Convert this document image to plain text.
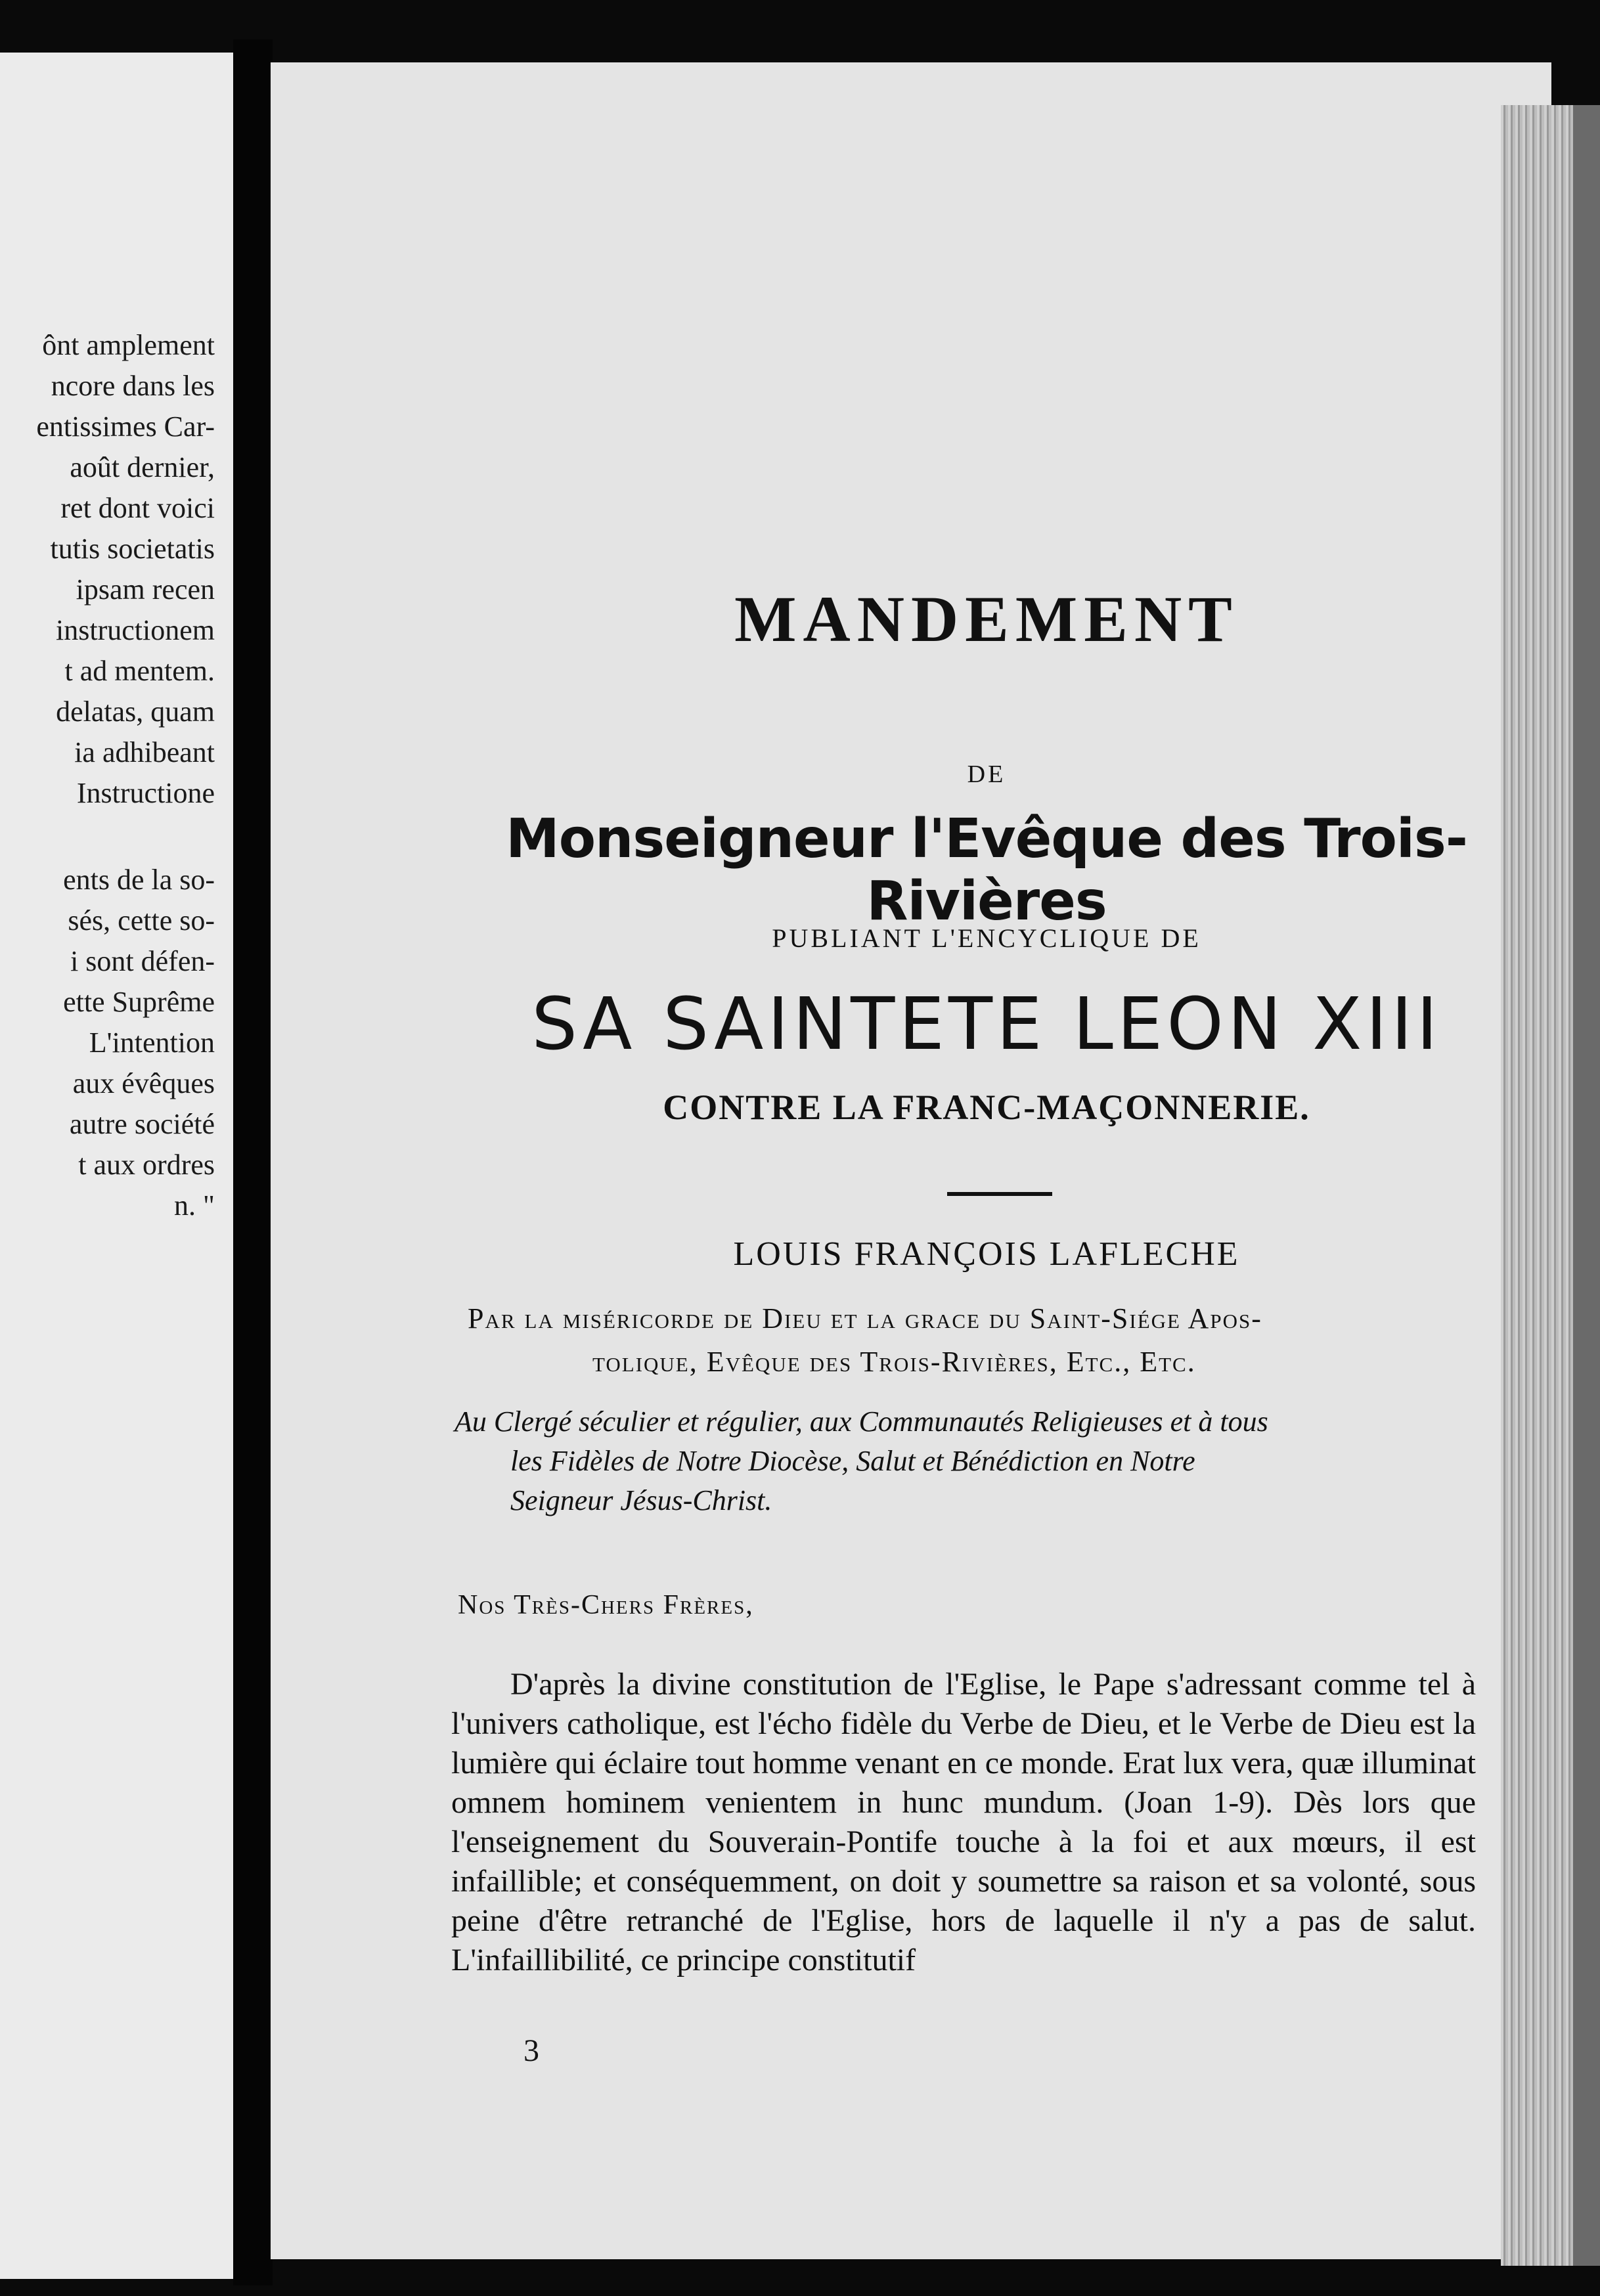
ônt amplement
ncore dans les
entissimes Car-
août dernier,
ret dont voici
tutis societatis
ipsam recen
instructionem
t ad mentem.
delatas, quam
ia adhibeant
Instructione
ents de la so-
sés, cette so-
i sont défen-
ette Suprême
L'intention
aux évêques
autre société
t aux ordres
n. "
MANDEMENT
DE
Monseigneur l'Evêque des Trois-Rivières
PUBLIANT L'ENCYCLIQUE DE
SA SAINTETE LEON XIII
CONTRE LA FRANC-MAÇONNERIE.
LOUIS FRANÇOIS LAFLECHE
Par la miséricorde de Dieu et la grace du Saint-Siége Apos-
tolique, Evêque des Trois-Rivières, Etc., Etc.
Au Clergé séculier et régulier, aux Communautés Religieuses et à tous
les Fidèles de Notre Diocèse, Salut et Bénédiction en Notre
Seigneur Jésus-Christ.
Nos Très-Chers Frères,
D'après la divine constitution de l'Eglise, le Pape s'adressant comme tel à l'univers catholique, est l'écho fidèle du Verbe de Dieu, et le Verbe de Dieu est la lumière qui éclaire tout homme venant en ce monde. Erat lux vera, quæ illuminat omnem hominem venientem in hunc mundum. (Joan 1-9). Dès lors que l'enseignement du Souverain-Pontife touche à la foi et aux mœurs, il est infaillible; et conséquemment, on doit y soumettre sa raison et sa volonté, sous peine d'être retranché de l'Eglise, hors de laquelle il n'y a pas de salut. L'infaillibilité, ce principe constitutif
3
